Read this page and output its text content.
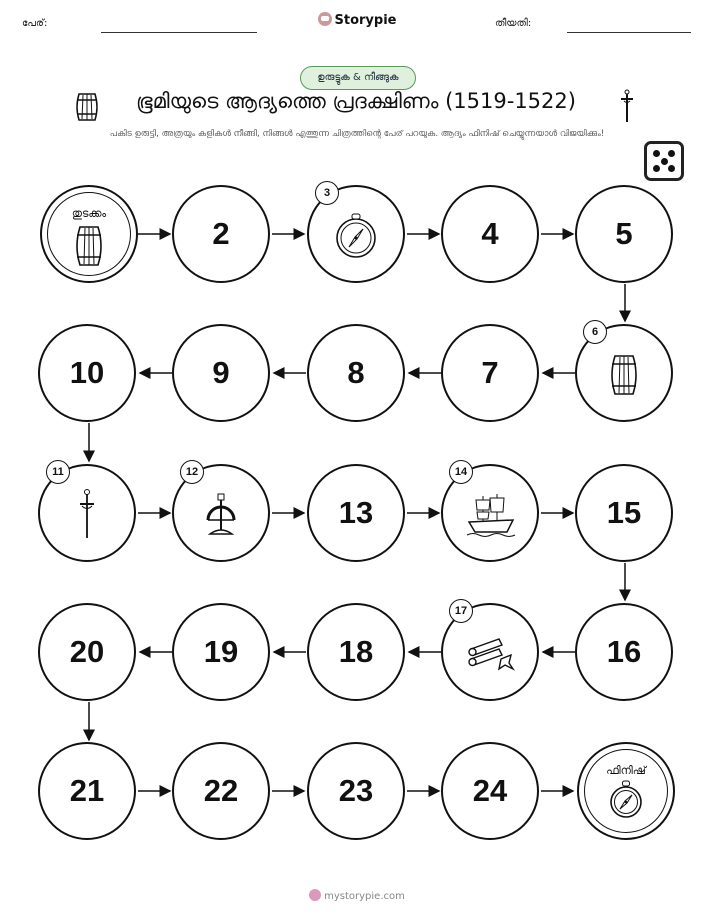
പേര്:	Storypie	തീയതി:
ഉരുട്ടുക & നീങ്ങുക
ഭൂമിയുടെ ആദ്യത്തെ പ്രദക്ഷിണം (1519-1522)
പകിട ഉരുട്ടി, അത്രയും കളികൾ നീങ്ങി, നിങ്ങൾ എത്തുന്ന ചിത്രത്തിന്റെ പേര് പറയുക. ആദ്യം ഫിനിഷ് ചെയ്യുന്നയാൾ വിജയിക്കും!
തുടക്കം
2
3
4	5
10	9	8	7
6
11	12
13
14
15
20	19	18
17
16
21	22	23	24
ഫിനിഷ്
mystorypie.com
